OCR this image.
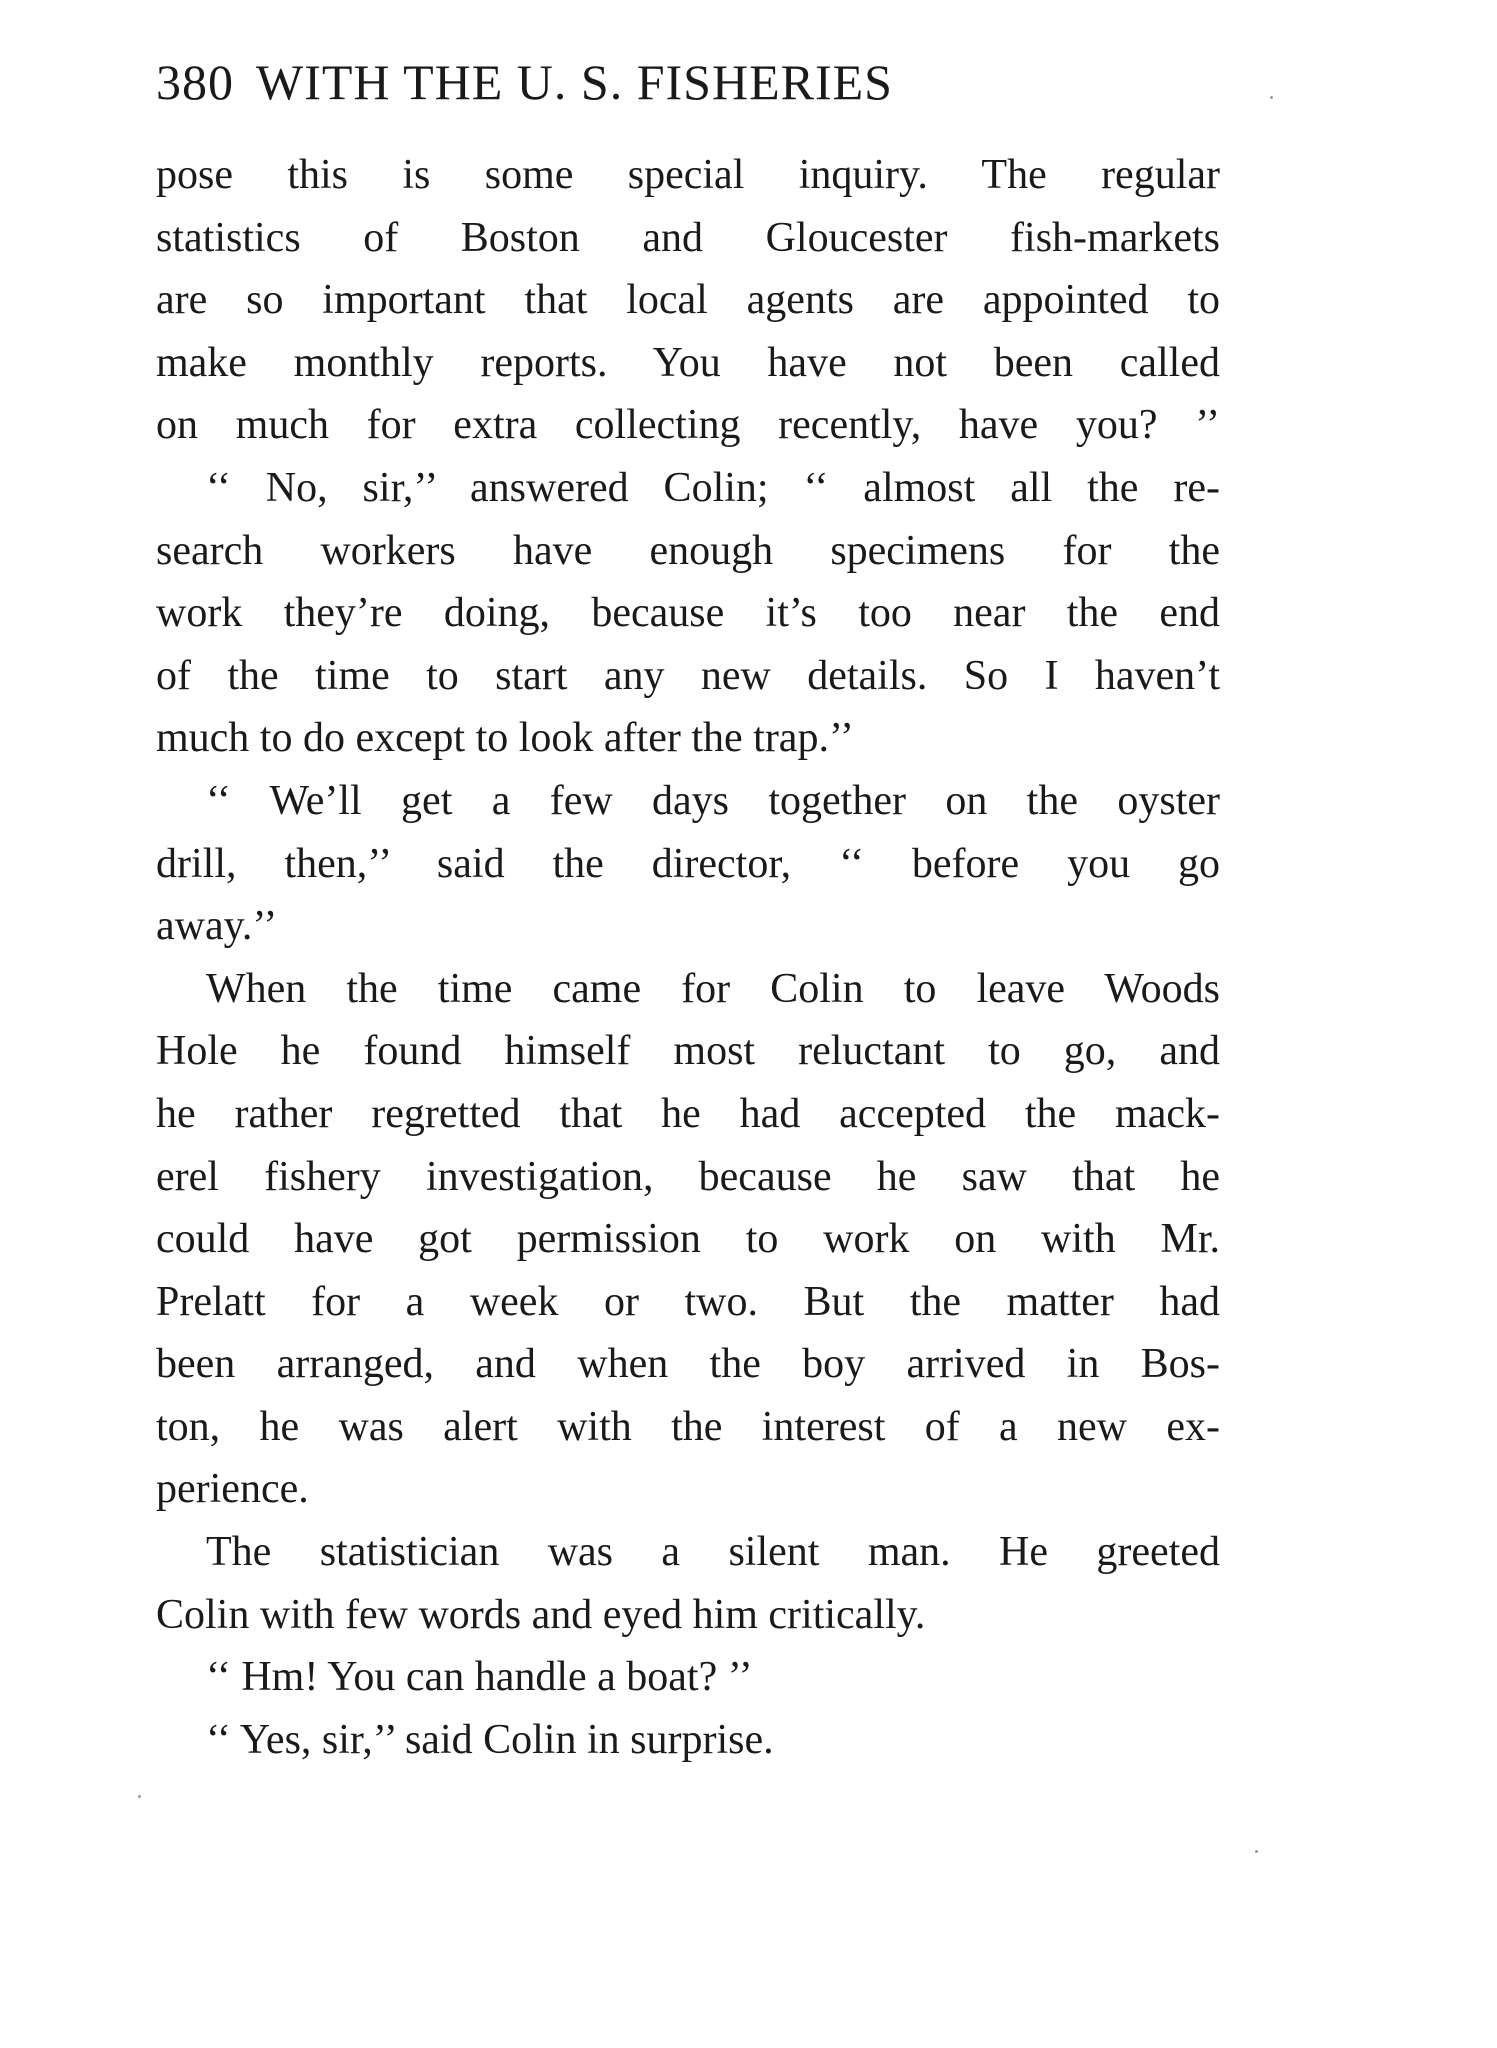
380 WITH THE U. S. FISHERIES
pose this is some special inquiry. The regular
statistics of Boston and Gloucester fish-markets
are so important that local agents are appointed to
make monthly reports. You have not been called
on much for extra collecting recently, have you? ’’
‘‘ No, sir,’’ answered Colin; ‘‘ almost all the re-
search workers have enough specimens for the
work they’re doing, because it’s too near the end
of the time to start any new details. So I haven’t
much to do except to look after the trap.’’
‘‘ We’ll get a few days together on the oyster
drill, then,’’ said the director, ‘‘ before you go
away.’’
When the time came for Colin to leave Woods
Hole he found himself most reluctant to go, and
he rather regretted that he had accepted the mack-
erel fishery investigation, because he saw that he
could have got permission to work on with Mr.
Prelatt for a week or two. But the matter had
been arranged, and when the boy arrived in Bos-
ton, he was alert with the interest of a new ex-
perience.
The statistician was a silent man. He greeted
Colin with few words and eyed him critically.
‘‘ Hm! You can handle a boat? ’’
‘‘ Yes, sir,’’ said Colin in surprise.
